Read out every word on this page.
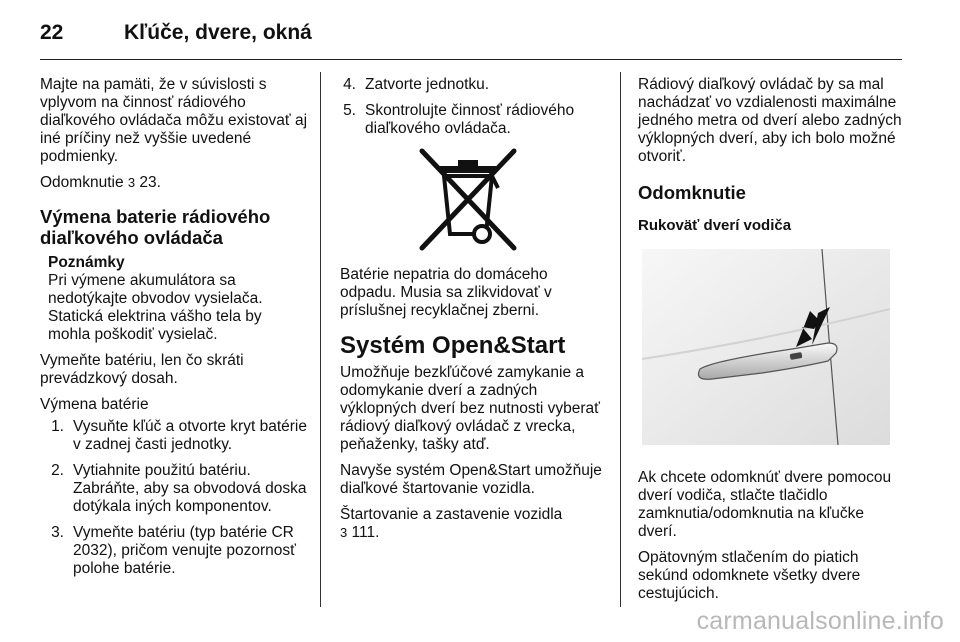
22	Kľúče, dvere, okná

Majte na pamäti, že v súvislosti s vplyvom na činnosť rádiového diaľkového ovládača môžu existovať aj iné príčiny než vyššie uvedené podmienky.

Odomknutie 3 23.

Výmena baterie rádiového diaľkového ovládača
Poznámky
Pri výmene akumulátora sa nedotýkajte obvodov vysielača. Statická elektrina vášho tela by mohla poškodiť vysielač.

Vymeňte batériu, len čo skráti prevádzkový dosah.

Výmena batérie

1. Vysuňte kľúč a otvorte kryt batérie v zadnej časti jednotky.
2. Vytiahnite použitú batériu. Zabráňte, aby sa obvodová doska dotýkala iných komponentov.
3. Vymeňte batériu (typ batérie CR 2032), pričom venujte pozornosť polohe batérie.
4. Zatvorte jednotku.
5. Skontrolujte činnosť rádiového diaľkového ovládača.

Batérie nepatria do domáceho odpadu. Musia sa zlikvidovať v príslušnej recyklačnej zberni.

Systém Open&Start

Umožňuje bezkľúčové zamykanie a odomykanie dverí a zadných výklopných dverí bez nutnosti vyberať rádiový diaľkový ovládač z vrecka, peňaženky, tašky atď.

Navyše systém Open&Start umožňuje diaľkové štartovanie vozidla.

Štartovanie a zastavenie vozidla
3 111.

Rádiový diaľkový ovládač by sa mal nachádzať vo vzdialenosti maximálne jedného metra od dverí alebo zadných výklopných dverí, aby ich bolo možné otvoriť.

Odomknutie
Rukoväť dverí vodiča

Ak chcete odomknúť dvere pomocou dverí vodiča, stlačte tlačidlo zamknutia/odomknutia na kľučke dverí.

Opätovným stlačením do piatich sekúnd odomknete všetky dvere cestujúcich.

carmanualsonline.info
